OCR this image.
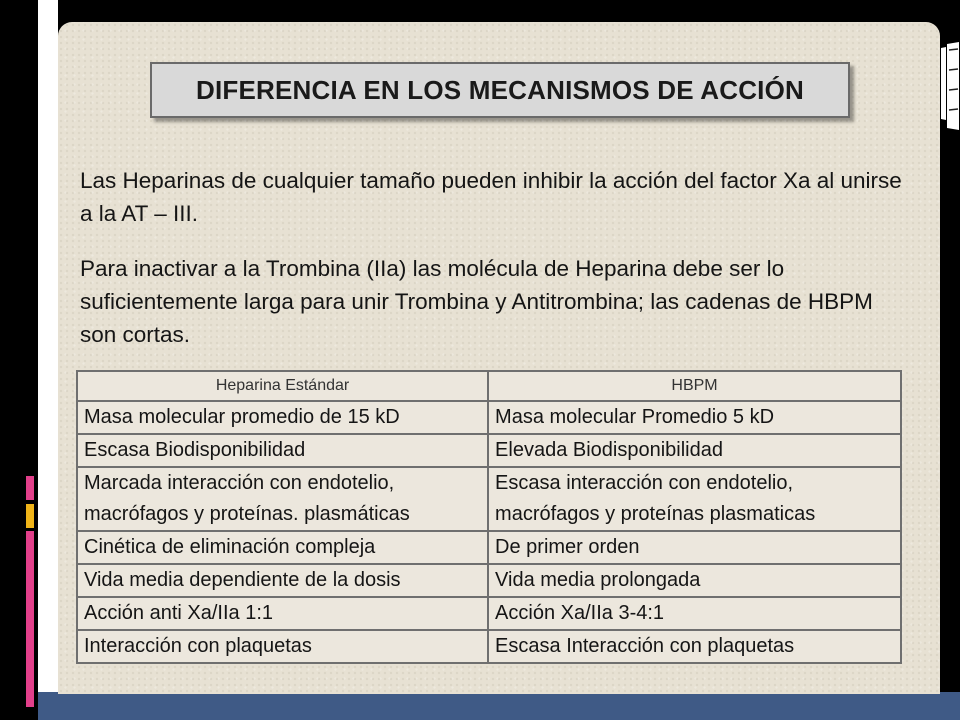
DIFERENCIA EN LOS MECANISMOS DE ACCIÓN

Las Heparinas de cualquier tamaño pueden inhibir la acción del factor Xa al unirse a la AT – III.

Para inactivar a la Trombina (IIa) las molécula de Heparina debe ser lo suficientemente larga para unir Trombina y Antitrombina; las cadenas de HBPM son cortas.

Heparina Estándar	HBPM
Masa molecular promedio de 15 kD	Masa molecular Promedio 5 kD
Escasa Biodisponibilidad	Elevada Biodisponibilidad
Marcada interacción con endotelio, macrófagos y proteínas. plasmáticas	Escasa interacción con endotelio, macrófagos y proteínas plasmaticas
Cinética de eliminación compleja	De primer orden
Vida media dependiente de la dosis	Vida media prolongada
Acción anti Xa/IIa 1:1	Acción Xa/IIa 3-4:1
Interacción con plaquetas	Escasa Interacción con plaquetas
